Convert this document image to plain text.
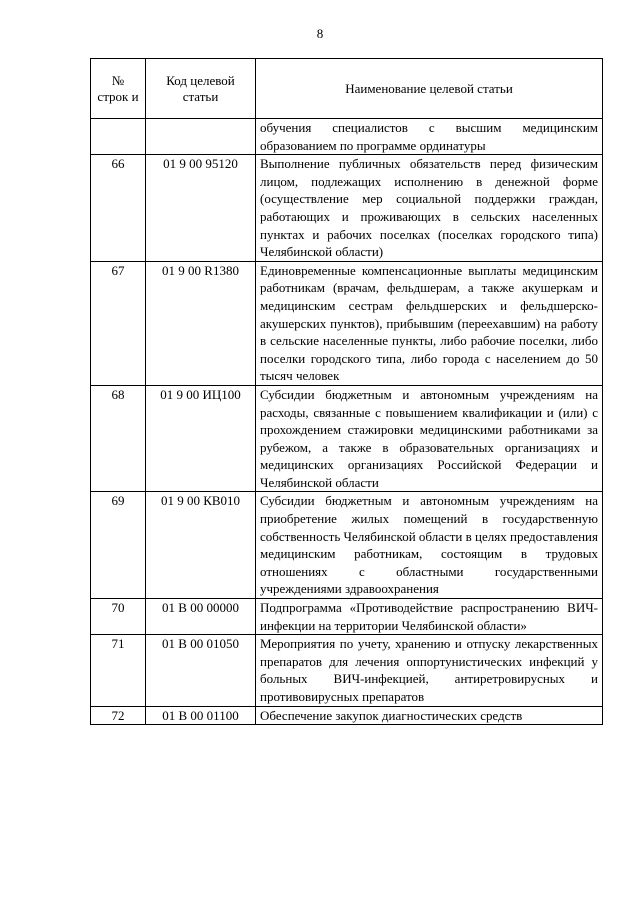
8
№ строк и	Код целевой статьи	Наименование целевой статьи
		обучения специалистов с высшим медицинским образованием по программе ординатуры
66	01 9 00 95120	Выполнение публичных обязательств перед физическим лицом, подлежащих исполнению в денежной форме (осуществление мер социальной поддержки граждан, работающих и проживающих в сельских населенных пунктах и рабочих поселках (поселках городского типа) Челябинской области)
67	01 9 00 R1380	Единовременные компенсационные выплаты медицинским работникам (врачам, фельдшерам, а также акушеркам и медицинским сестрам фельдшерских и фельдшерско-акушерских пунктов), прибывшим (переехавшим) на работу в сельские населенные пункты, либо рабочие поселки, либо поселки городского типа, либо города с населением до 50 тысяч человек
68	01 9 00 ИЦ100	Субсидии бюджетным и автономным учреждениям на расходы, связанные с повышением квалификации и (или) с прохождением стажировки медицинскими работниками за рубежом, а также в образовательных организациях и медицинских организациях Российской Федерации и Челябинской области
69	01 9 00 КВ010	Субсидии бюджетным и автономным учреждениям на приобретение жилых помещений в государственную собственность Челябинской области в целях предоставления медицинским работникам, состоящим в трудовых отношениях с областными государственными учреждениями здравоохранения
70	01 В 00 00000	Подпрограмма «Противодействие распространению ВИЧ-инфекции на территории Челябинской области»
71	01 В 00 01050	Мероприятия по учету, хранению и отпуску лекарственных препаратов для лечения оппортунистических инфекций у больных ВИЧ-инфекцией, антиретровирусных и противовирусных препаратов
72	01 В 00 01100	Обеспечение закупок диагностических средств
